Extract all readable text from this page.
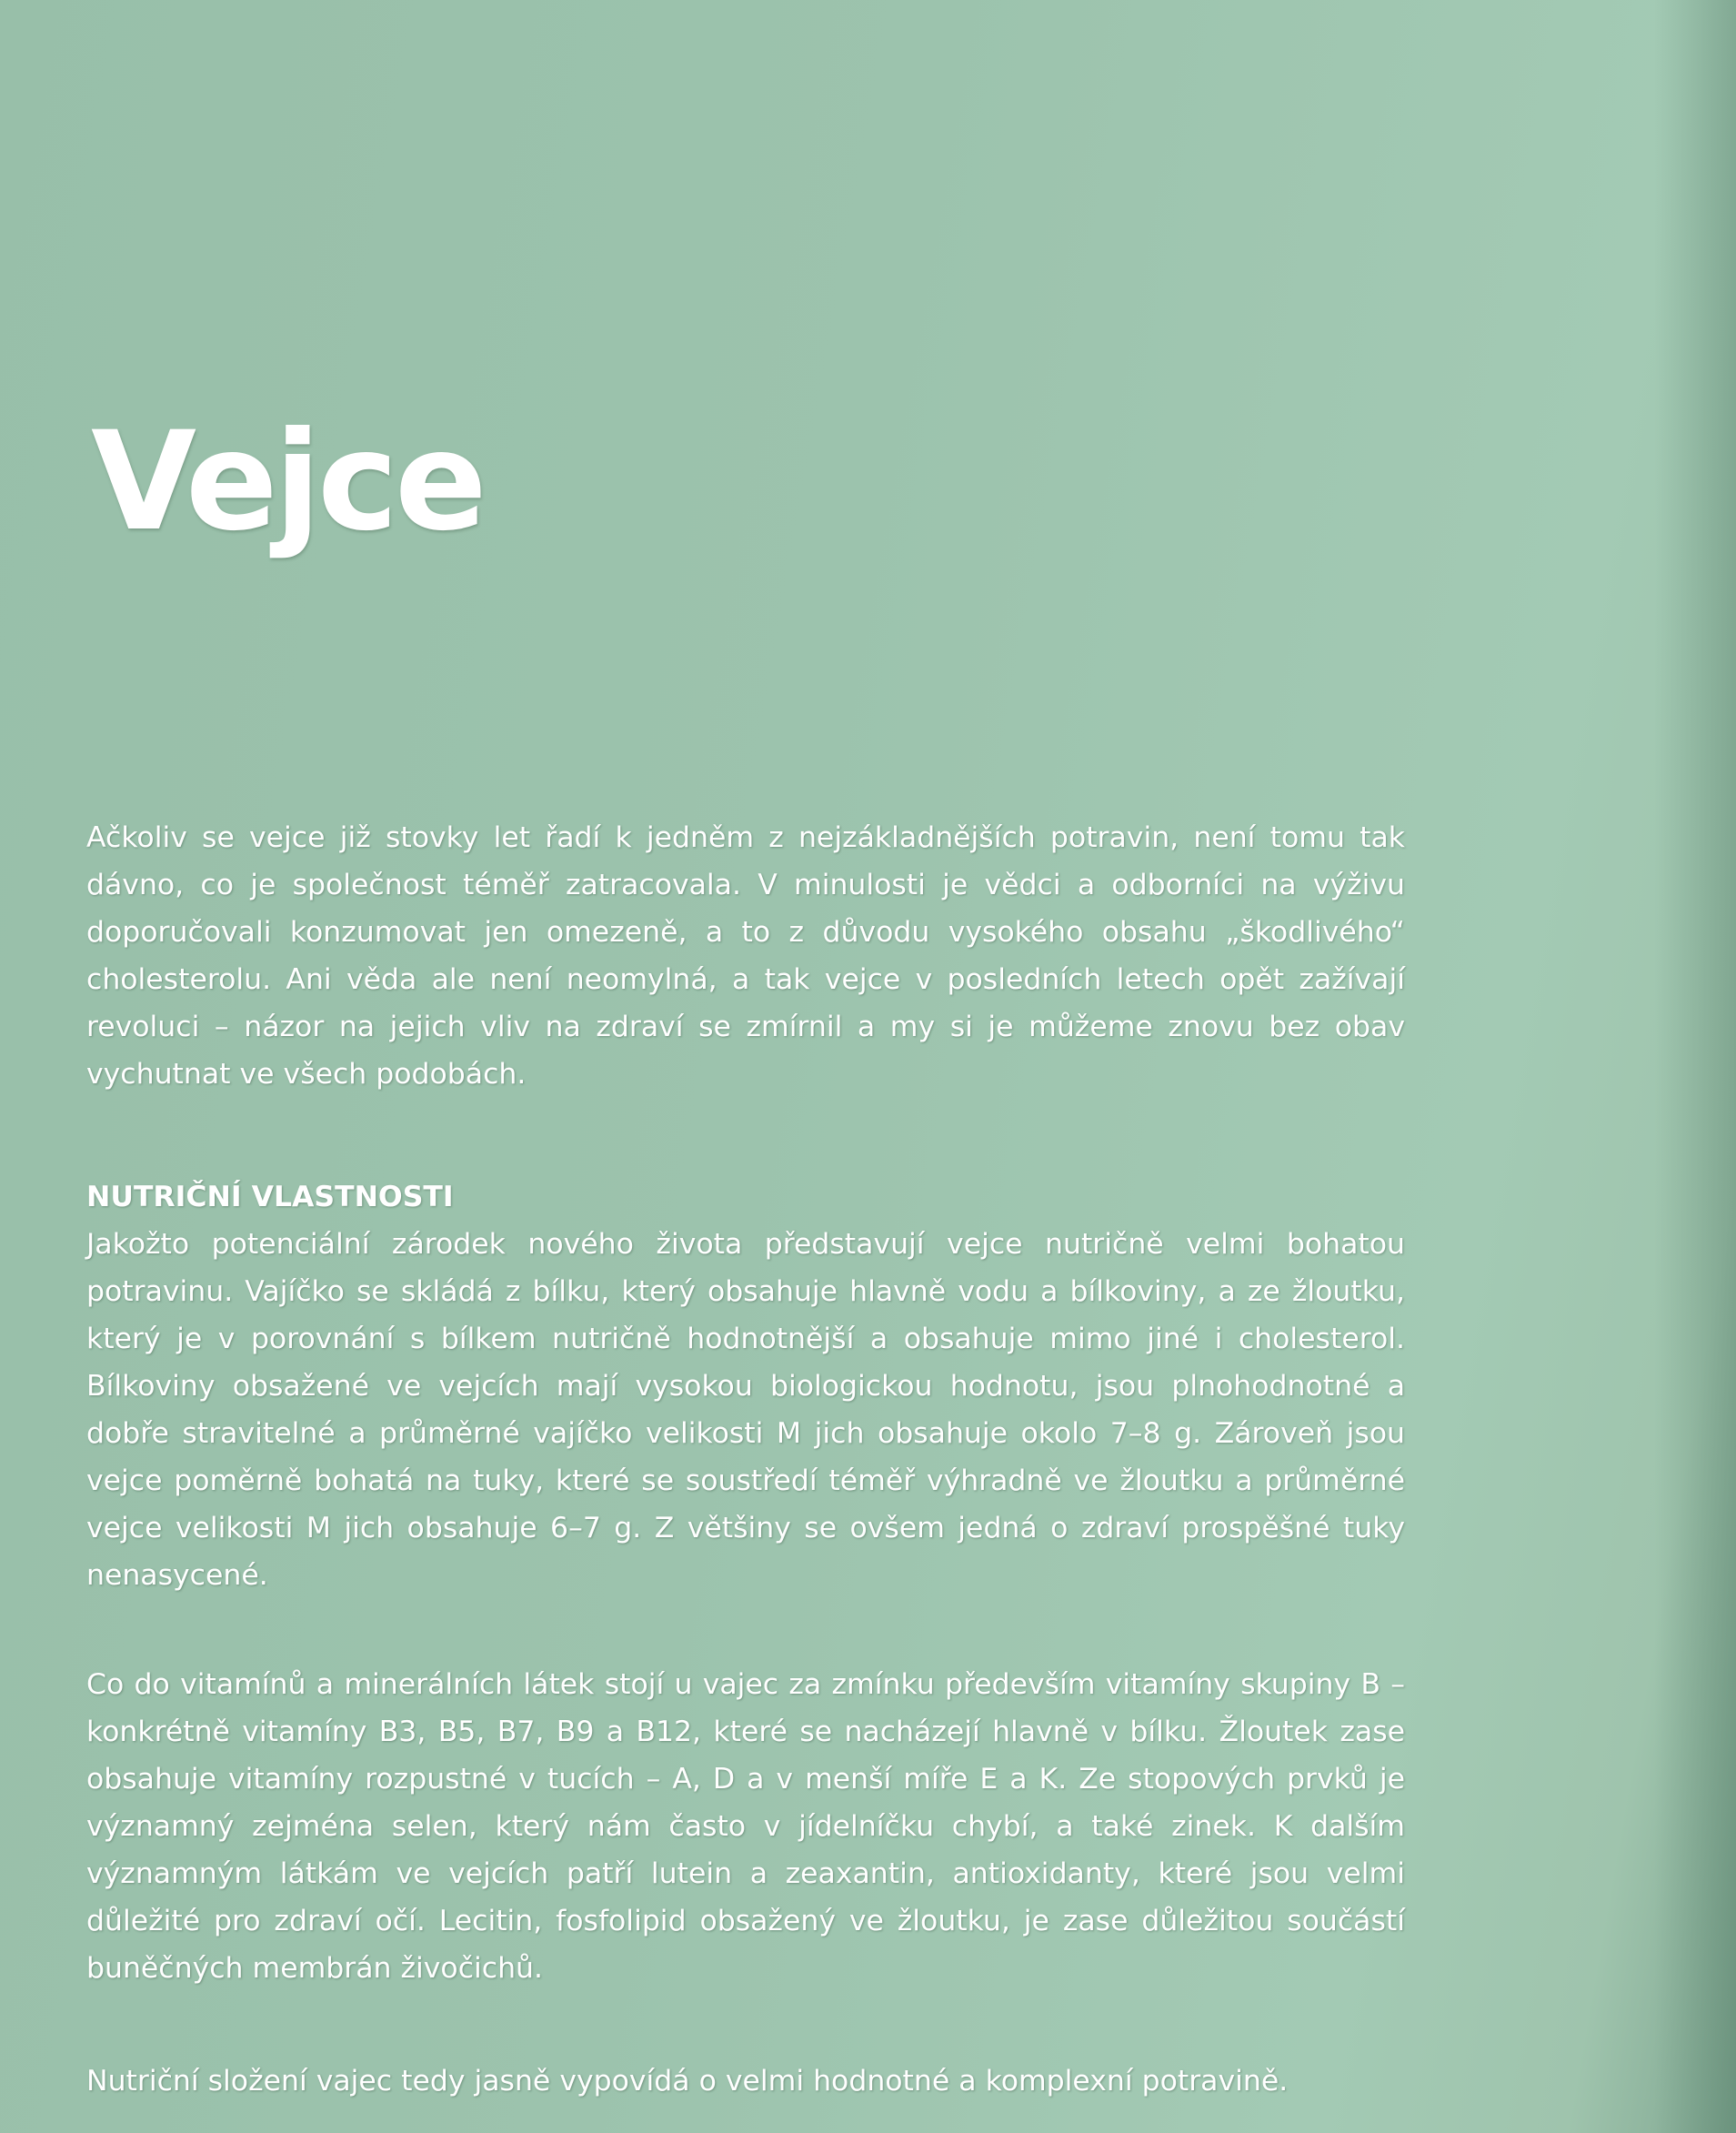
Vejce

Ačkoliv se vejce již stovky let řadí k jedněm z nejzákladnějších potravin, není tomu tak dávno, co je společnost téměř zatracovala. V minulosti je vědci a odborníci na výživu doporučovali konzumovat jen omezeně, a to z důvodu vysokého obsahu „škodlivého“ cholesterolu. Ani věda ale není neomylná, a tak vejce v posledních letech opět zažívají revoluci – názor na jejich vliv na zdraví se zmírnil a my si je můžeme znovu bez obav vychutnat ve všech podobách.

NUTRIČNÍ VLASTNOSTI

Jakožto potenciální zárodek nového života představují vejce nutričně velmi bohatou potravinu. Vajíčko se skládá z bílku, který obsahuje hlavně vodu a bílkoviny, a ze žloutku, který je v porovnání s bílkem nutričně hodnotnější a obsahuje mimo jiné i cholesterol. Bílkoviny obsažené ve vejcích mají vysokou biologickou hodnotu, jsou plnohodnotné a dobře stravitelné a průměrné vajíčko velikosti M jich obsahuje okolo 7–8 g. Zároveň jsou vejce poměrně bohatá na tuky, které se soustředí téměř výhradně ve žloutku a průměrné vejce velikosti M jich obsahuje 6–7 g. Z většiny se ovšem jedná o zdraví prospěšné tuky nenasycené.

Co do vitamínů a minerálních látek stojí u vajec za zmínku především vitamíny skupiny B – konkrétně vitamíny B3, B5, B7, B9 a B12, které se nacházejí hlavně v bílku. Žloutek zase obsahuje vitamíny rozpustné v tucích – A, D a v menší míře E a K. Ze stopových prvků je významný zejména selen, který nám často v jídelníčku chybí, a také zinek. K dalším významným látkám ve vejcích patří lutein a zeaxantin, antioxidanty, které jsou velmi důležité pro zdraví očí. Lecitin, fosfolipid obsažený ve žloutku, je zase důležitou součástí buněčných membrán živočichů.

Nutriční složení vajec tedy jasně vypovídá o velmi hodnotné a komplexní potravině.
